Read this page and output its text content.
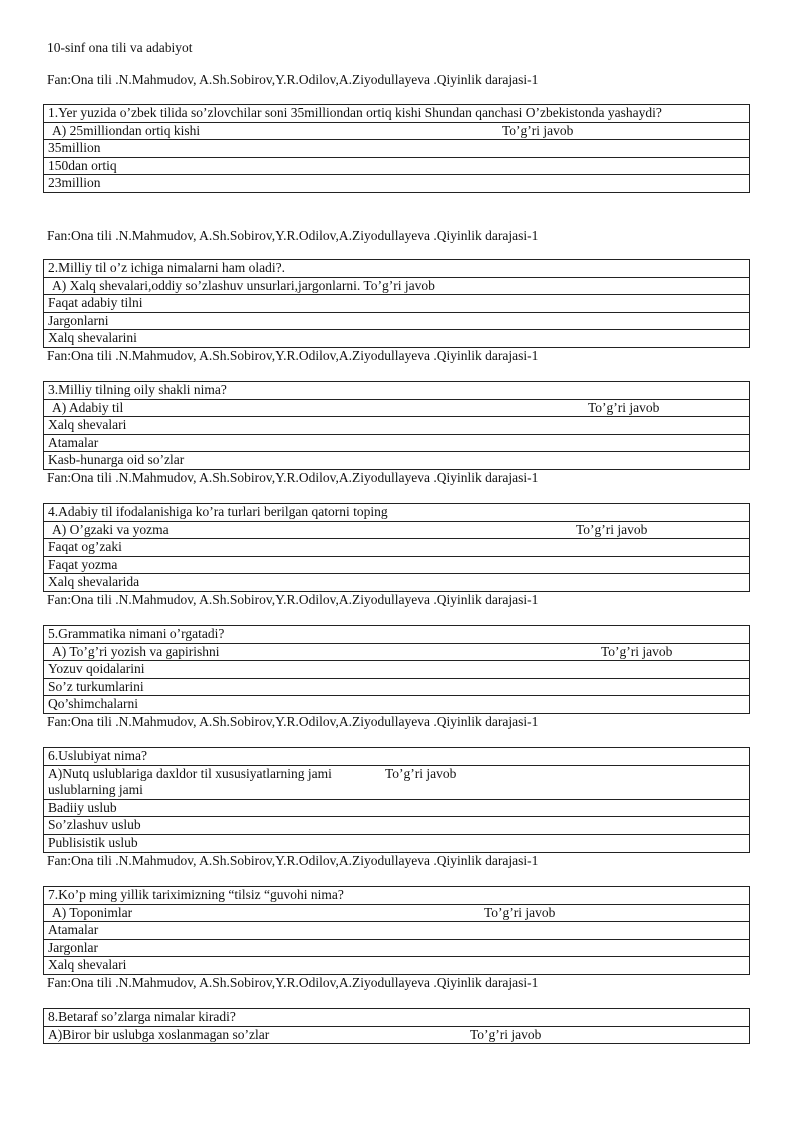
10-sinf ona tili va adabiyot
Fan:Ona tili .N.Mahmudov, A.Sh.Sobirov,Y.R.Odilov,A.Ziyodullayeva .Qiyinlik darajasi-1
1.Yer yuzida o’zbek tilida so’zlovchilar soni 35milliondan ortiq kishi Shundan qanchasi O’zbekistonda yashaydi?

A) 25milliondan ortiq kishi	To’g’ri javob

35million
150dan ortiq
23million
Fan:Ona tili .N.Mahmudov, A.Sh.Sobirov,Y.R.Odilov,A.Ziyodullayeva .Qiyinlik darajasi-1
2.Milliy til o’z ichiga nimalarni ham oladi?.
A) Xalq shevalari,oddiy so’zlashuv unsurlari,jargonlarni. To’g’ri javob
Faqat adabiy tilni
Jargonlarni
Xalq shevalarini
Fan:Ona tili .N.Mahmudov, A.Sh.Sobirov,Y.R.Odilov,A.Ziyodullayeva .Qiyinlik darajasi-1
3.Milliy tilning oily shakli nima?

A) Adabiy til	To’g’ri javob

Xalq shevalari
Atamalar
Kasb-hunarga oid so’zlar
Fan:Ona tili .N.Mahmudov, A.Sh.Sobirov,Y.R.Odilov,A.Ziyodullayeva .Qiyinlik darajasi-1
4.Adabiy til ifodalanishiga ko’ra turlari berilgan qatorni toping

A) O’gzaki va yozma	To’g’ri javob

Faqat og’zaki
Faqat yozma
Xalq shevalarida
Fan:Ona tili .N.Mahmudov, A.Sh.Sobirov,Y.R.Odilov,A.Ziyodullayeva .Qiyinlik darajasi-1
5.Grammatika nimani o’rgatadi?

A) To’g’ri yozish va gapirishni	To’g’ri javob

Yozuv qoidalarini
So’z turkumlarini
Qo’shimchalarni
Fan:Ona tili .N.Mahmudov, A.Sh.Sobirov,Y.R.Odilov,A.Ziyodullayeva .Qiyinlik darajasi-1
6.Uslubiyat nima?

A)Nutq uslublariga daxldor til xususiyatlarning jami	To’g’ri javob

uslublarning jami

Badiiy uslub
So’zlashuv uslub
Publisistik uslub
Fan:Ona tili .N.Mahmudov, A.Sh.Sobirov,Y.R.Odilov,A.Ziyodullayeva .Qiyinlik darajasi-1
7.Ko’p ming yillik tariximizning “tilsiz “guvohi nima?

A) Toponimlar	To’g’ri javob

Atamalar
Jargonlar
Xalq shevalari
Fan:Ona tili .N.Mahmudov, A.Sh.Sobirov,Y.R.Odilov,A.Ziyodullayeva .Qiyinlik darajasi-1
8.Betaraf so’zlarga nimalar kiradi?

A)Biror bir uslubga xoslanmagan so’zlar	To’g’ri javob
